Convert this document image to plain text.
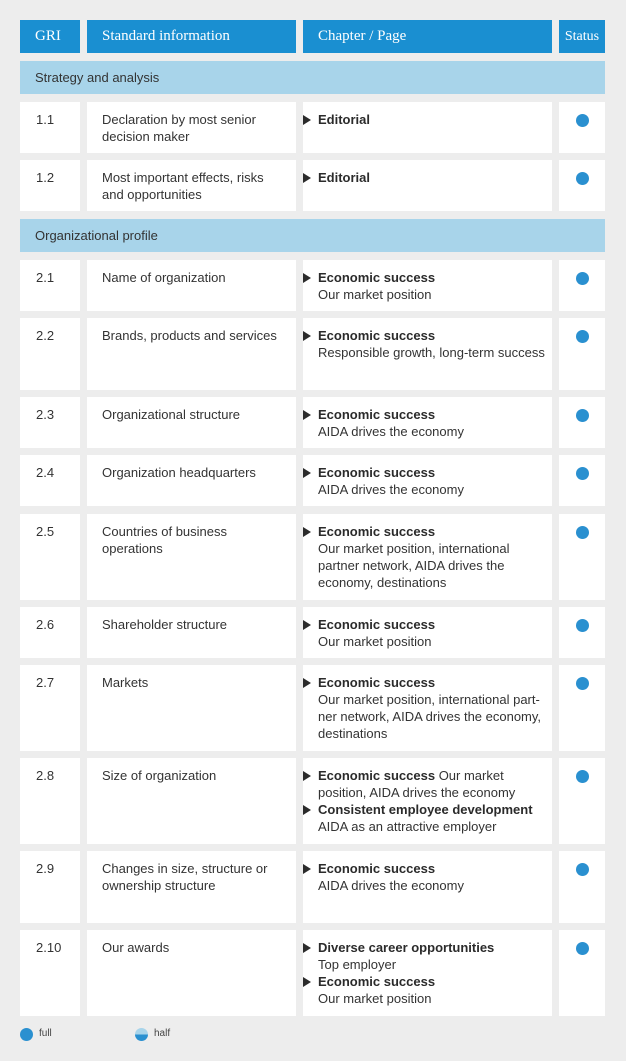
GRI	Standard information	Chapter / Page	Status
Strategy and analysis
1.1	Declaration by most senior decision maker
Editorial
1.2	Most important effects, risks and opportunities
Editorial
Organizational profile
2.1	Name of organization	Economic success
Our market position
2.2	Brands, products and services	Economic success
Responsible growth, long-term success
2.3	Organizational structure	Economic success
AIDA drives the economy
2.4	Organization headquarters	Economic success
AIDA drives the economy
2.5	Countries of business operations
Economic success
Our market position, international partner network, AIDA drives the economy, destinations
2.6	Shareholder structure	Economic success
Our market position
2.7	Markets	Economic success
Our market position, international part-ner network, AIDA drives the economy, destinations
2.8	Size of organization	Economic success Our market position, AIDA drives the economy
Consistent employee development
AIDA as an attractive employer
2.9	Changes in size, structure or ownership structure
Economic success
AIDA drives the economy
2.10	Our awards	Diverse career opportunities
Top employer
Economic success
Our market position
full	half
